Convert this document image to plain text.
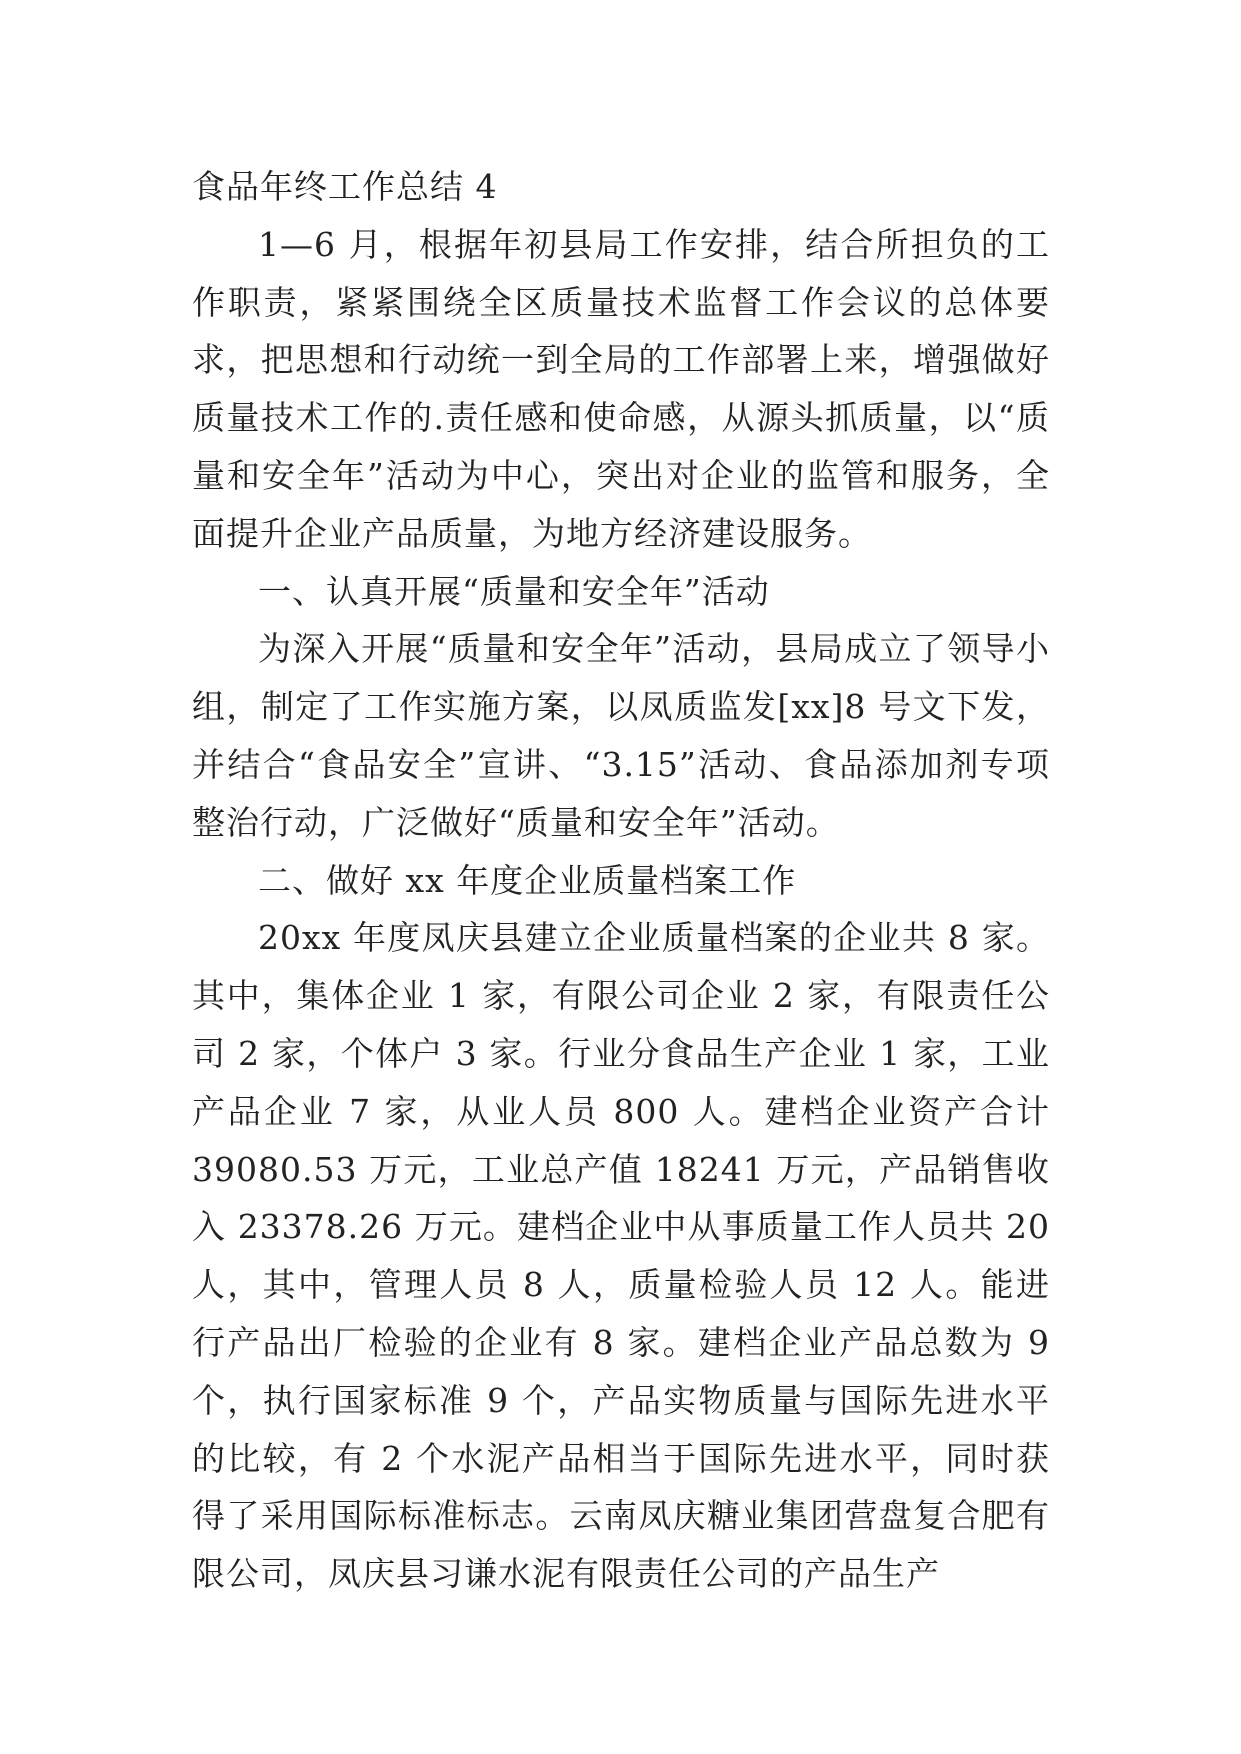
食品年终工作总结 4

1—6 月，根据年初县局工作安排，结合所担负的工作职责，紧紧围绕全区质量技术监督工作会议的总体要求，把思想和行动统一到全局的工作部署上来，增强做好质量技术工作的.责任感和使命感，从源头抓质量，以“质量和安全年”活动为中心，突出对企业的监管和服务，全面提升企业产品质量，为地方经济建设服务。

一、认真开展“质量和安全年”活动

为深入开展“质量和安全年”活动，县局成立了领导小组，制定了工作实施方案，以凤质监发[xx]8 号文下发，并结合“食品安全”宣讲、“3.15”活动、食品添加剂专项整治行动，广泛做好“质量和安全年”活动。

二、做好 xx 年度企业质量档案工作

20xx 年度凤庆县建立企业质量档案的企业共 8 家。其中，集体企业 1 家，有限公司企业 2 家，有限责任公司 2 家，个体户 3 家。行业分食品生产企业 1 家，工业产品企业 7 家，从业人员 800 人。建档企业资产合计 39080.53 万元，工业总产值 18241 万元，产品销售收入 23378.26 万元。建档企业中从事质量工作人员共 20 人，其中，管理人员 8 人，质量检验人员 12 人。能进行产品出厂检验的企业有 8 家。建档企业产品总数为 9 个，执行国家标准 9 个，产品实物质量与国际先进水平的比较，有 2 个水泥产品相当于国际先进水平，同时获得了采用国际标准标志。云南凤庆糖业集团营盘复合肥有限公司，凤庆县习谦水泥有限责任公司的产品生产
